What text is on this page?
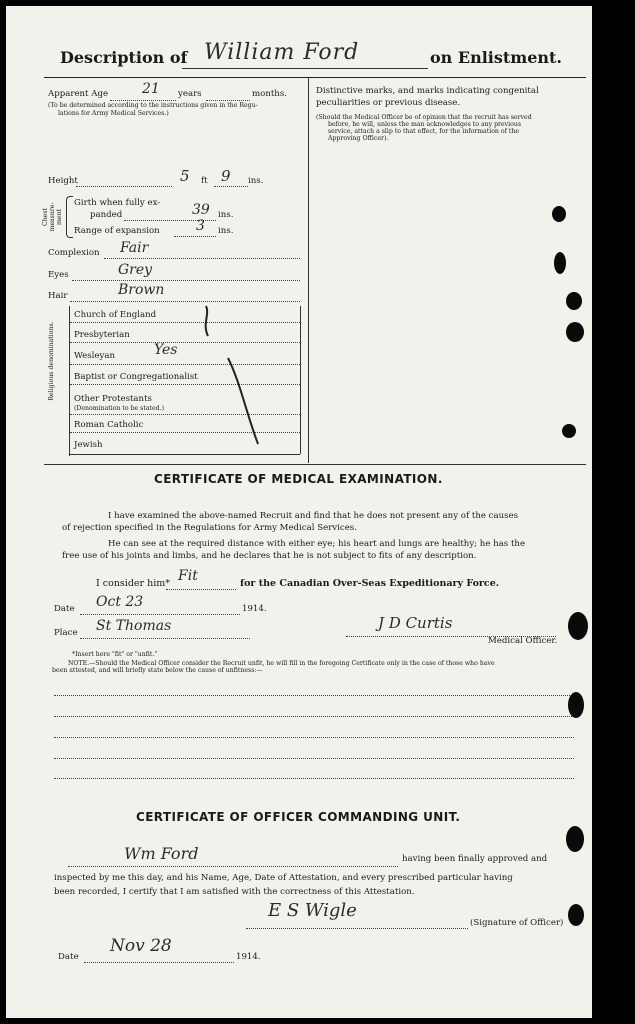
Description of William Ford	on Enlistment.
Apparent Age 21 years	months.
(To be determined according to the instructions given in the Regu-
lations for Army Medical Services.)
Height	5 ft 9 ins.
Chest measure- ment
Girth when fully ex-
panded	39 ins.
Range of expansion	3 ins.
Complexion Fair
Eyes	Grey
Hair	Brown
Religious denominations.
Church of England
Presbyterian
Wesleyan	Yes
Baptist or Congregationalist
Other Protestants
(Denomination to be stated.)
Roman Catholic
Jewish
Distinctive marks, and marks indicating congenital
peculiarities or previous disease.
(Should the Medical Officer be of opinion that the recruit has served
before, he will, unless the man acknowledges to any previous
service, attach a slip to that effect, for the information of the
Approving Officer).
CERTIFICATE OF MEDICAL EXAMINATION.
I have examined the above-named Recruit and find that he does not present any of the causes
of rejection specified in the Regulations for Army Medical Services.
He can see at the required distance with either eye; his heart and lungs are healthy; he has the
free use of his joints and limbs, and he declares that he is not subject to fits of any description.
I consider him* Fit	for the Canadian Over-Seas Expeditionary Force.
Date Oct 23	1914.
Place St Thomas	J D Curtis
Medical Officer.
*Insert here "fit" or "unfit."
NOTE.—Should the Medical Officer consider the Recruit unfit, he will fill in the foregoing Certificate only in the case of those who have
been attested, and will briefly state below the cause of unfitness:—
CERTIFICATE OF OFFICER COMMANDING UNIT.
Wm Ford	having been finally approved and
inspected by me this day, and his Name, Age, Date of Attestation, and every prescribed particular having
been recorded, I certify that I am satisfied with the correctness of this Attestation.
E S Wigle
(Signature of Officer)
Date
Nov 28
1914.
